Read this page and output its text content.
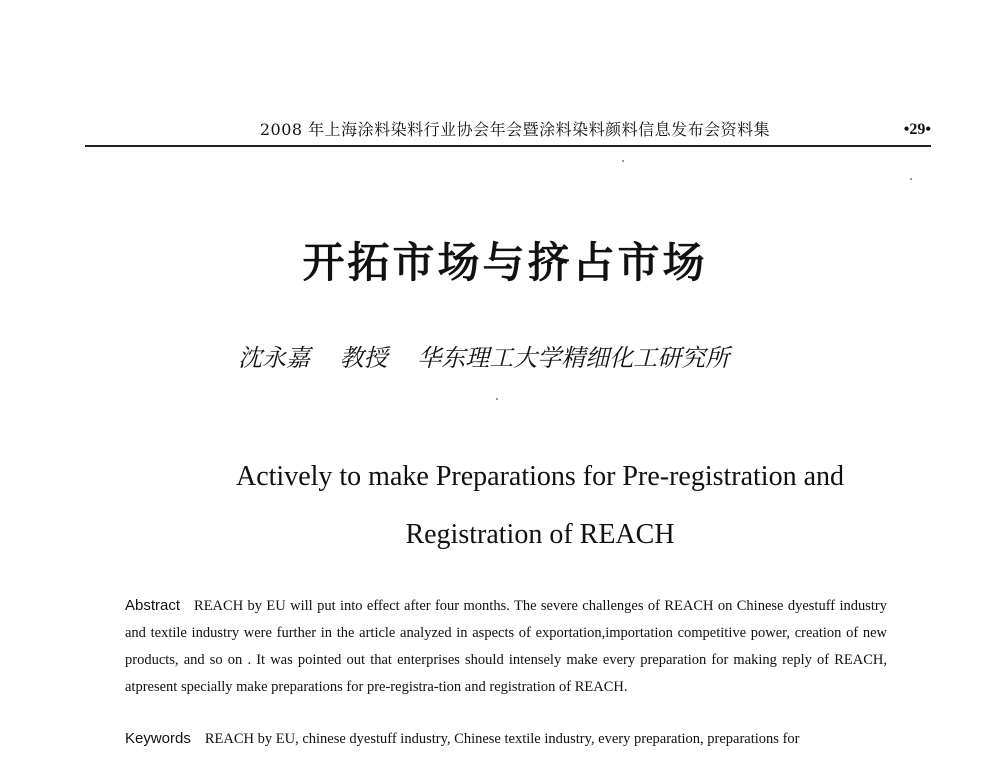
2008 年上海涂料染料行业协会年会暨涂料染料颜料信息发布会资料集	•29•
开拓市场与挤占市场
沈永嘉 教授 华东理工大学精细化工研究所
Actively to make Preparations for Pre-registration and
Registration of REACH
Abstract REACH by EU will put into effect after four months. The severe challenges of REACH on Chinese dyestuff industry and textile industry were further in the article analyzed in aspects of exportation,importation competitive power, creation of new products, and so on . It was pointed out that enterprises should intensely make every preparation for making reply of REACH, atpresent specially make preparations for pre-registra-tion and registration of REACH.
Keywords REACH by EU, chinese dyestuff industry, Chinese textile industry, every preparation, preparations for
